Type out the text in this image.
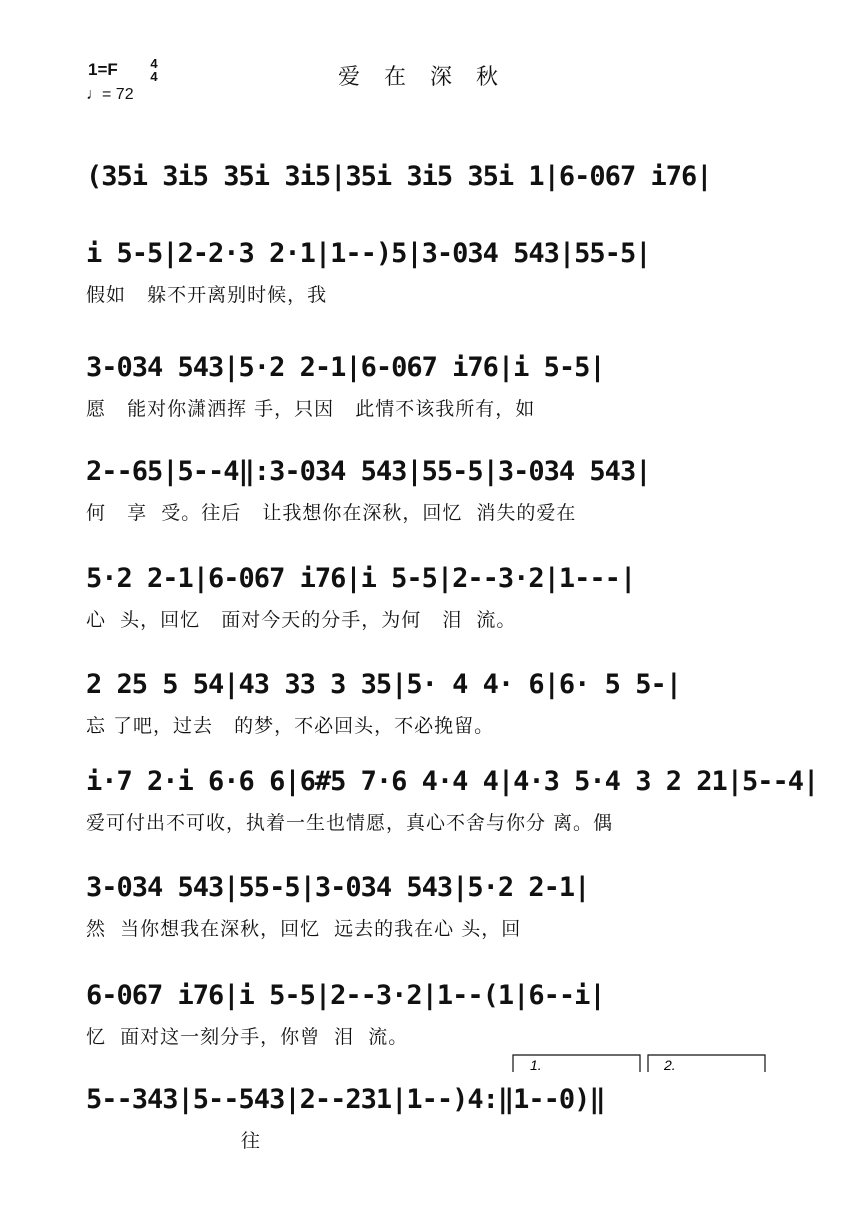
1=F	4
4
♩= 72
爱在深秋
(35i 3i5 35i 3i5|35i 3i5 35i 1|6-067 i76|
i 5-5|2-2·3 2·1|1--)5|3-034 543|55-5|
假如   躲不开离别时候，我
3-034 543|5·2 2-1|6-067 i76|i 5-5|
愿   能对你潇洒挥 手，只因   此情不该我所有，如
2--65|5--4‖:3-034 543|55-5|3-034 543|
何   享  受。往后   让我想你在深秋，回忆  消失的爱在
5·2 2-1|6-067 i76|i 5-5|2--3·2|1---|
心  头，回忆   面对今天的分手，为何   泪  流。
2 25 5 54|43 33 3 35|5· 4 4· 6|6· 5 5-|
忘 了吧，过去   的梦，不必回头，不必挽留。
i·7 2·i 6·6 6|6#5 7·6 4·4 4|4·3 5·4 3 2 21|5--4|
爱可付出不可收，执着一生也情愿，真心不舍与你分 离。偶
3-034 543|55-5|3-034 543|5·2 2-1|
然  当你想我在深秋，回忆  远去的我在心 头，回
6-067 i76|i 5-5|2--3·2|1--(1|6--i|
忆  面对这一刻分手，你曾  泪  流。
5--343|5--543|2--231|1--)4:‖1--0)‖
往
1.	2.
